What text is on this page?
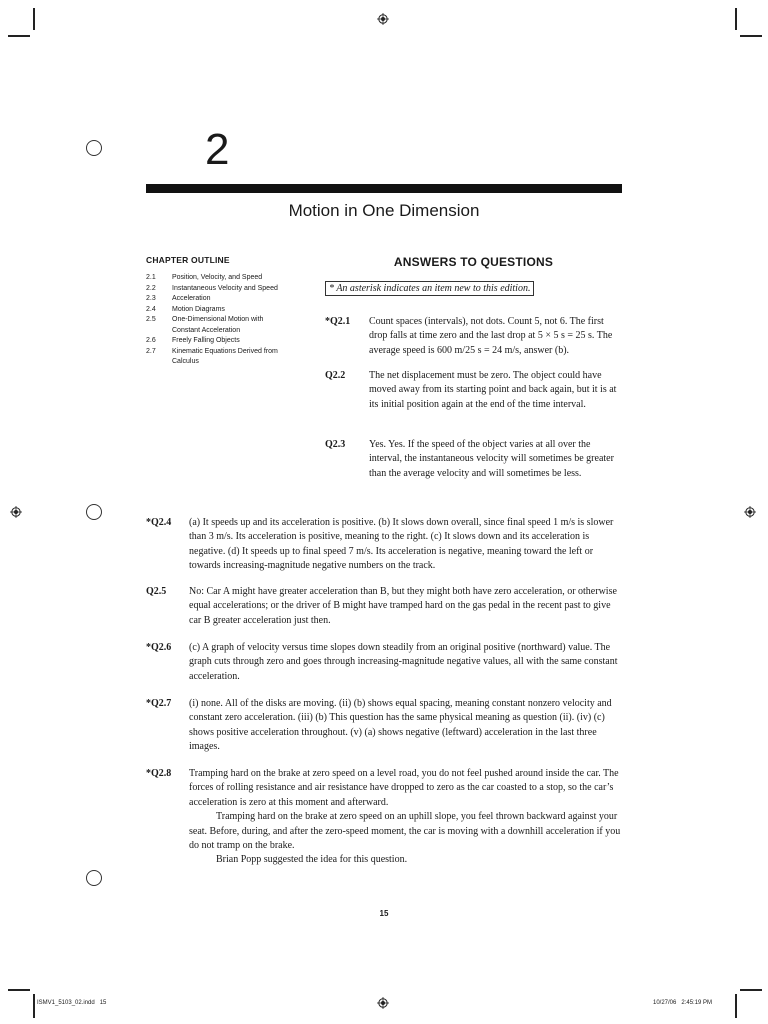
2
Motion in One Dimension
CHAPTER OUTLINE
2.1	Position, Velocity, and Speed
2.2	Instantaneous Velocity and Speed
2.3	Acceleration
2.4	Motion Diagrams
2.5	One-Dimensional Motion with Constant Acceleration
2.6	Freely Falling Objects
2.7	Kinematic Equations Derived from Calculus
ANSWERS TO QUESTIONS
* An asterisk indicates an item new to this edition.
*Q2.1 Count spaces (intervals), not dots. Count 5, not 6. The first drop falls at time zero and the last drop at 5 × 5 s = 25 s. The average speed is 600 m/25 s = 24 m/s, answer (b).

Q2.2 The net displacement must be zero. The object could have moved away from its starting point and back again, but it is at its initial position again at the end of the time interval.

Q2.3 Yes. Yes. If the speed of the object varies at all over the interval, the instantaneous velocity will sometimes be greater than the average velocity and will sometimes be less.

*Q2.4 (a) It speeds up and its acceleration is positive. (b) It slows down overall, since final speed 1 m/s is slower than 3 m/s. Its acceleration is positive, meaning to the right. (c) It slows down and its acceleration is negative. (d) It speeds up to final speed 7 m/s. Its acceleration is negative, meaning toward the left or towards increasing-magnitude negative numbers on the track.

Q2.5 No: Car A might have greater acceleration than B, but they might both have zero acceleration, or otherwise equal accelerations; or the driver of B might have tramped hard on the gas pedal in the recent past to give car B greater acceleration just then.

*Q2.6 (c) A graph of velocity versus time slopes down steadily from an original positive (northward) value. The graph cuts through zero and goes through increasing-magnitude negative values, all with the same constant acceleration.

*Q2.7 (i) none. All of the disks are moving. (ii) (b) shows equal spacing, meaning constant nonzero velocity and constant zero acceleration. (iii) (b) This question has the same physical meaning as question (ii). (iv) (c) shows positive acceleration throughout. (v) (a) shows negative (leftward) acceleration in the last three images.

*Q2.8 Tramping hard on the brake at zero speed on a level road, you do not feel pushed around inside the car. The forces of rolling resistance and air resistance have dropped to zero as the car coasted to a stop, so the car’s acceleration is zero at this moment and afterward.

Tramping hard on the brake at zero speed on an uphill slope, you feel thrown backward against your seat. Before, during, and after the zero-speed moment, the car is moving with a downhill acceleration if you do not tramp on the brake.

Brian Popp suggested the idea for this question.

15
ISMV1_5103_02.indd   15	10/27/06   2:45:19 PM
